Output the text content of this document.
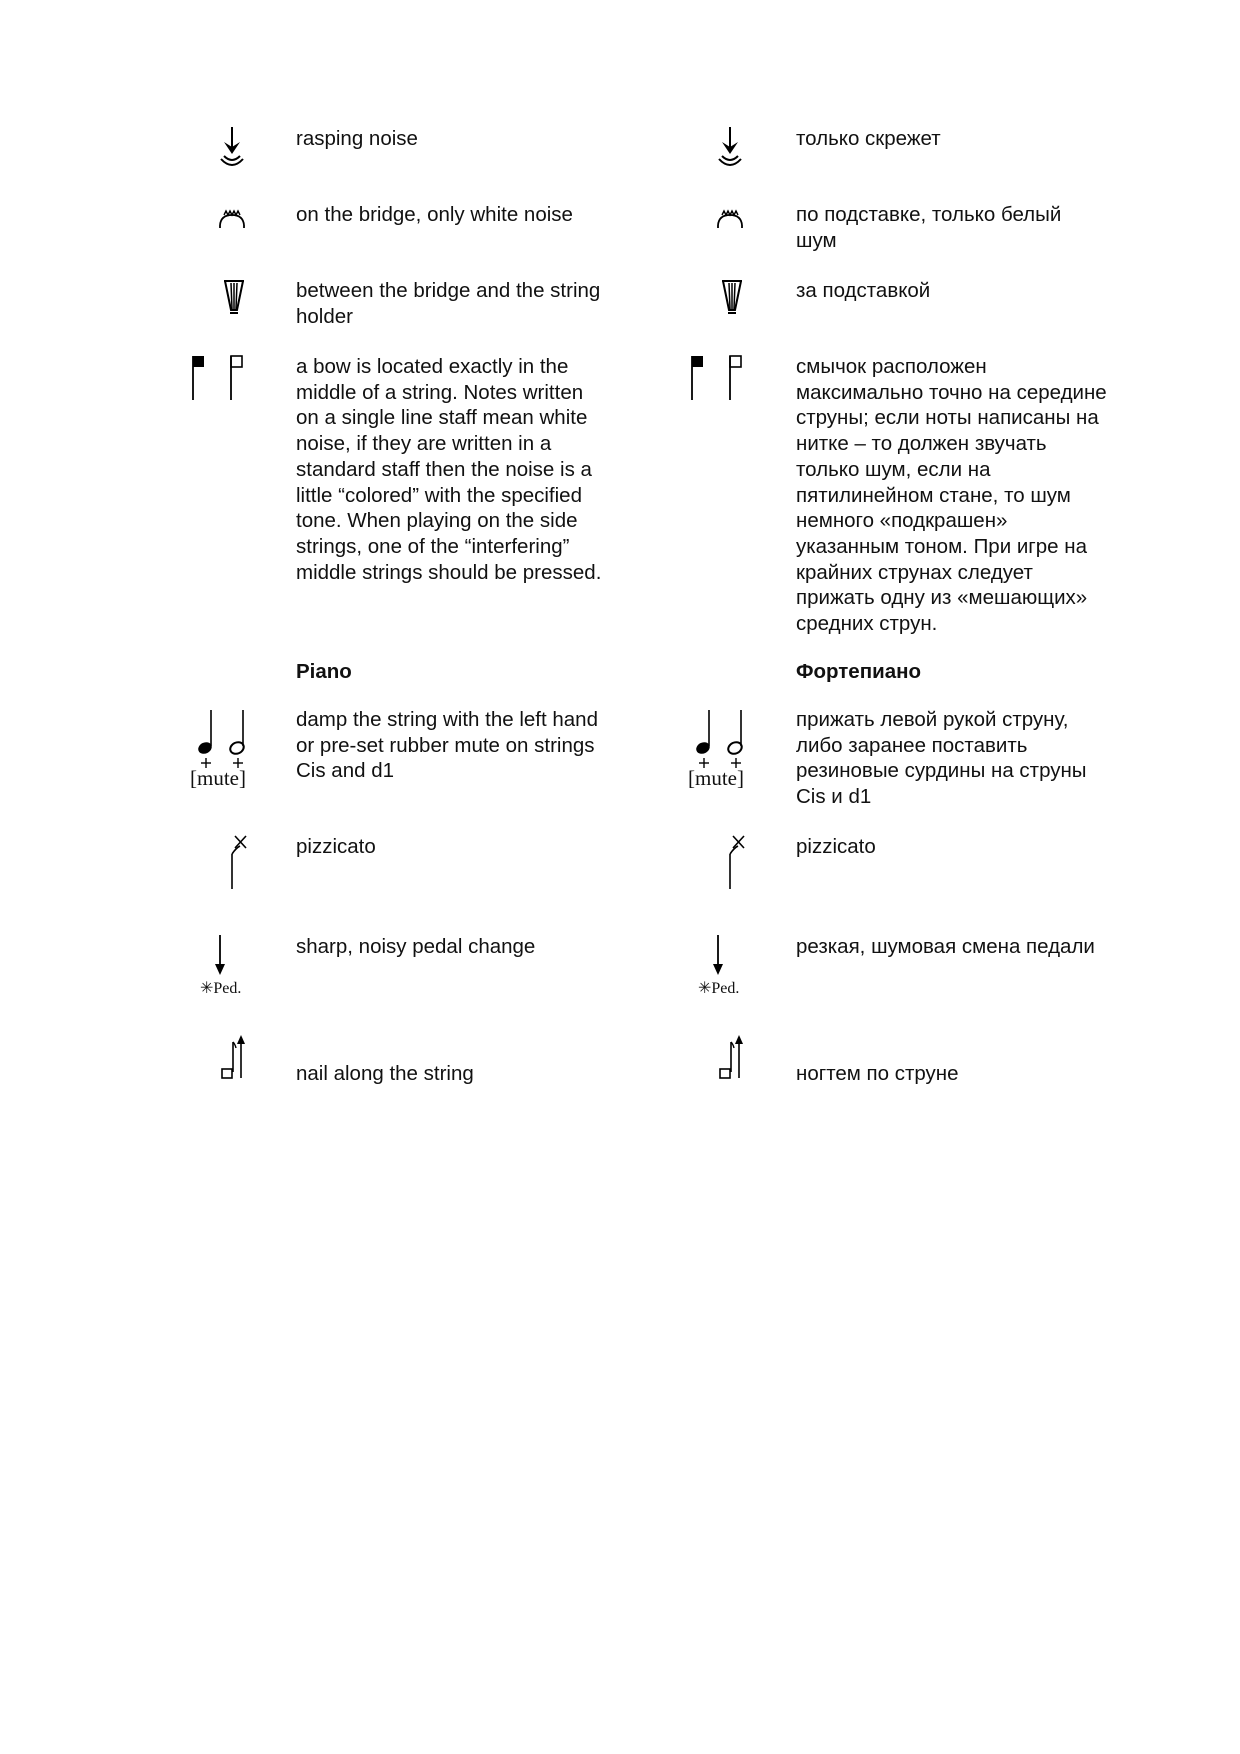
rasping noise
on the bridge, only white noise
between the bridge and the string
holder
a bow is located exactly in the
middle of a string. Notes written
on a single line staff mean white
noise, if they are written in a
standard staff then the noise is a
little “colored” with the specified
tone. When playing on the side
strings, one of the “interfering”
middle strings should be pressed.
Piano
[mute]
damp the string with the left hand
or pre-set rubber mute on strings
Cis and d1
pizzicato
✳Ped.
sharp, noisy pedal change
nail along the string
только скрежет
по подставке, только белый
шум
за подставкой
смычок расположен
максимально точно на середине
струны; если ноты написаны на
нитке – то должен звучать
только шум, если на
пятилинейном стане, то шум
немного «подкрашен»
указанным тоном. При игре на
крайних струнах следует
прижать одну из «мешающих»
средних струн.
Фортепиано
[mute]
прижать левой рукой струну,
либо заранее поставить
резиновые сурдины на струны
Cis и d1
pizzicato
✳Ped.
резкая, шумовая смена педали
ногтем по струне
